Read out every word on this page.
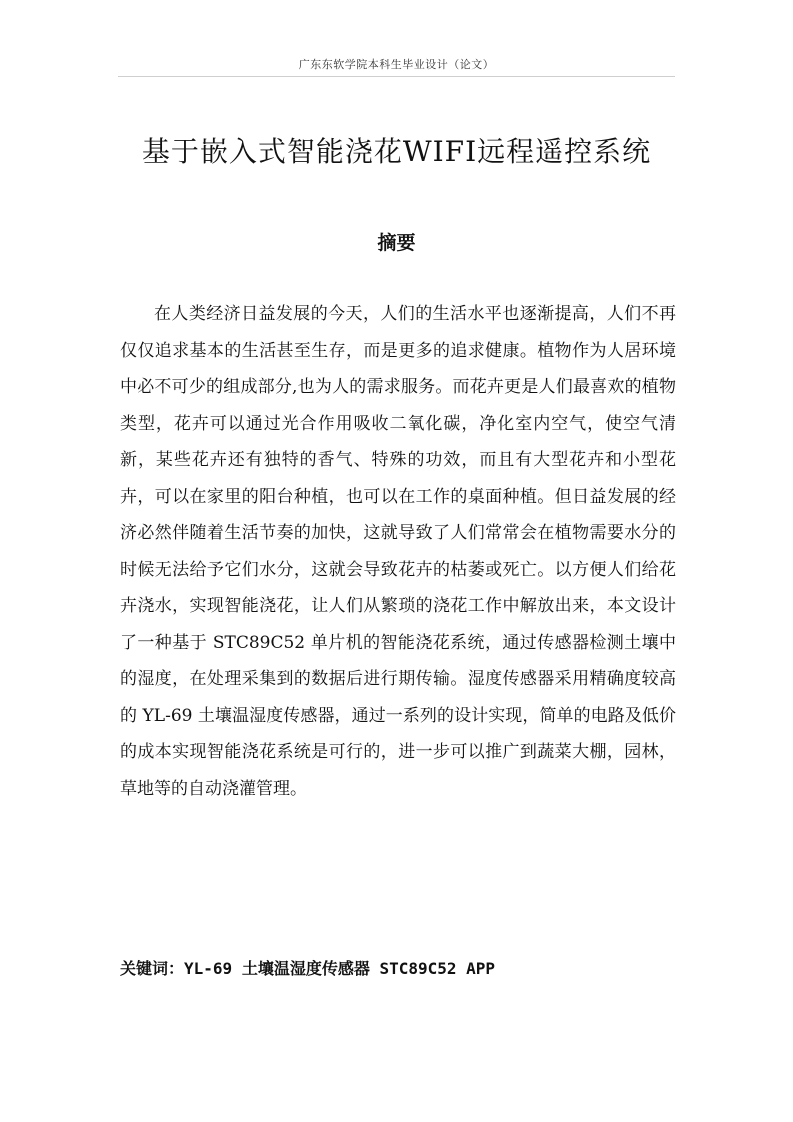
广东东软学院本科生毕业设计（论文）
基于嵌入式智能浇花WIFI远程遥控系统
摘要

在人类经济日益发展的今天，人们的生活水平也逐渐提高，人们不再仅仅追求基本的生活甚至生存，而是更多的追求健康。植物作为人居环境中必不可少的组成部分,也为人的需求服务。而花卉更是人们最喜欢的植物类型，花卉可以通过光合作用吸收二氧化碳，净化室内空气，使空气清新，某些花卉还有独特的香气、特殊的功效，而且有大型花卉和小型花卉，可以在家里的阳台种植，也可以在工作的桌面种植。但日益发展的经济必然伴随着生活节奏的加快，这就导致了人们常常会在植物需要水分的时候无法给予它们水分，这就会导致花卉的枯萎或死亡。以方便人们给花卉浇水，实现智能浇花，让人们从繁琐的浇花工作中解放出来，本文设计了一种基于 STC89C52 单片机的智能浇花系统，通过传感器检测土壤中的湿度，在处理采集到的数据后进行期传输。湿度传感器采用精确度较高的 YL-69 土壤温湿度传感器，通过一系列的设计实现，简单的电路及低价的成本实现智能浇花系统是可行的，进一步可以推广到蔬菜大棚，园林，草地等的自动浇灌管理。

关键词：YL-69 土壤温湿度传感器 STC89C52 APP
